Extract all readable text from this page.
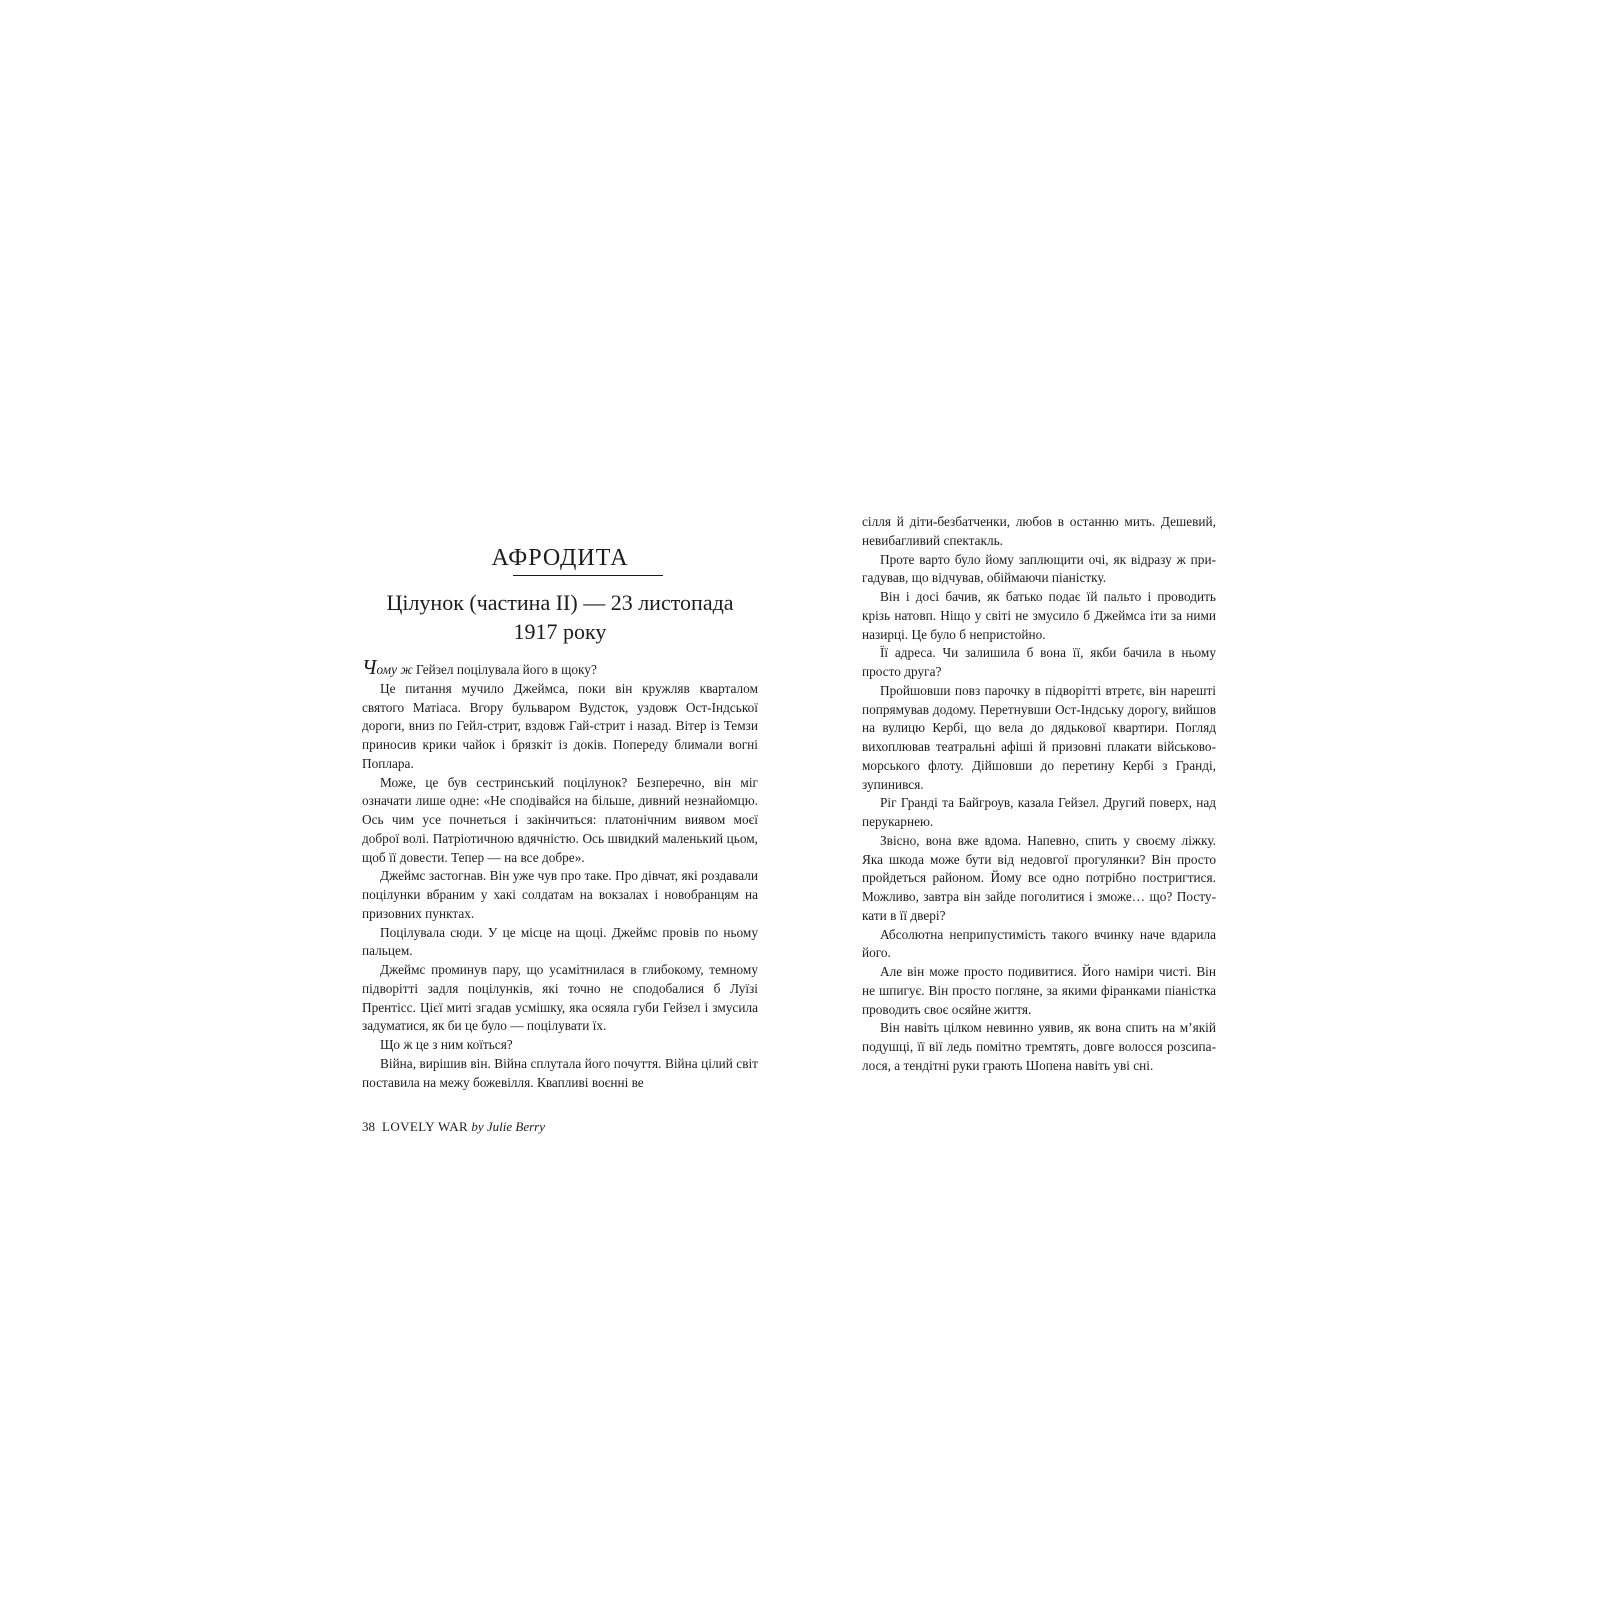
АФРОДИТА
Цілунок (частина II) — 23 листопада 1917 року

Чому ж Гейзел поцілувала його в щоку?

Це питання мучило Джеймса, поки він кружляв кварталом святого Матіаса. Вгору бульваром Вудсток, уздовж Ост-Індської дороги, вниз по Гейл-стрит, вздовж Гай-стрит і назад. Вітер із Темзи приносив крики чайок і брязкіт із доків. Попереду блимали вогні Поплара.

Може, це був сестринський поцілунок? Безперечно, він міг означати лише одне: «Не сподівайся на більше, дивний незнайомцю. Ось чим усе почнеться і закінчиться: платонічним виявом моєї доброї волі. Патріотичною вдячністю. Ось швидкий маленький цьом, щоб її довести. Тепер — на все добре».

Джеймс застогнав. Він уже чув про таке. Про дівчат, які роздавали поцілунки вбраним у хакі солдатам на вокзалах і новобранцям на призовних пунктах.

Поцілувала сюди. У це місце на щоці. Джеймс провів по ньому пальцем.

Джеймс проминув пару, що усамітнилася в глибокому, темному підворітті задля поцілунків, які точно не сподобалися б Луїзі Прентісс. Цієї миті згадав усмішку, яка осяяла губи Гейзел і змусила задуматися, як би це було — поцілувати їх.

Що ж це з ним коїться?

Війна, вирішив він. Війна сплутала його почуття. Війна цілий світ поставила на межу божевілля. Квапливі воєнні ве

38 LOVELY WAR by Julie Berry

сілля й діти-безбатченки, любов в останню мить. Дешевий, невибагливий спектакль.

Проте варто було йому заплющити очі, як відразу ж пригадував, що відчував, обіймаючи піаністку.

Він і досі бачив, як батько подає їй пальто і проводить крізь натовп. Ніщо у світі не змусило б Джеймса іти за ними назирці. Це було б непристойно.

Її адреса. Чи залишила б вона її, якби бачила в ньому просто друга?

Пройшовши повз парочку в підворітті втретє, він нарешті попрямував додому. Перетнувши Ост-Індську дорогу, вийшов на вулицю Кербі, що вела до дядькової квартири. Погляд вихоплював театральні афіші й призовні плакати військово-морського флоту. Дійшовши до перетину Кербі з Гранді, зупинився.

Ріг Гранді та Байгроув, казала Гейзел. Другий поверх, над перукарнею.

Звісно, вона вже вдома. Напевно, спить у своєму ліжку. Яка шкода може бути від недовгої прогулянки? Він просто пройдеться районом. Йому все одно потрібно постригтися. Можливо, завтра він зайде поголитися і зможе… що? Постукати в її двері?

Абсолютна неприпустимість такого вчинку наче вдарила його.

Але він може просто подивитися. Його наміри чисті. Він не шпигує. Він просто погляне, за якими фіранками піаністка проводить своє осяйне життя.

Він навіть цілком невинно уявив, як вона спить на м’якій подушці, її вії ледь помітно тремтять, довге волосся розсипалося, а тендітні руки грають Шопена навіть уві сні.
